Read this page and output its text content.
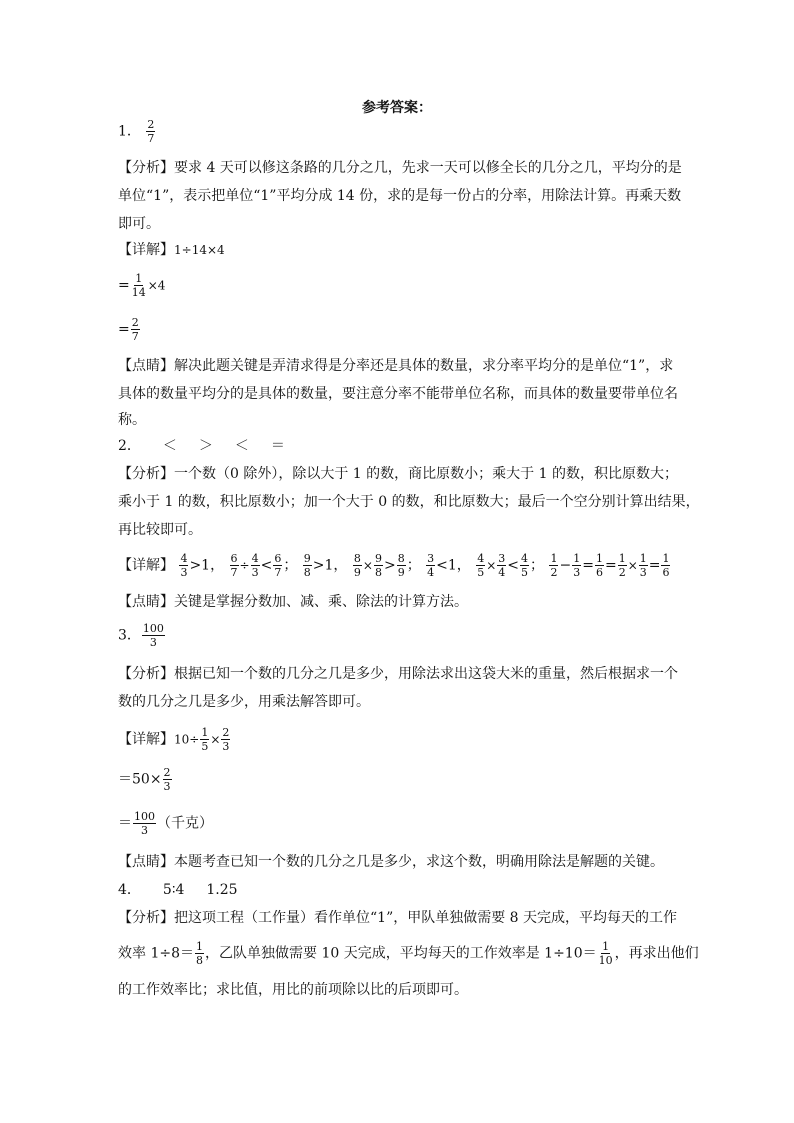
参考答案：
1． $\frac{2}{7}$
【分析】要求 4 天可以修这条路的几分之几，先求一天可以修全长的几分之几，平均分的是
单位“1”，表示把单位“1”平均分成 14 份，求的是每一份占的分率，用除法计算。再乘天数
即可。
【详解】1÷14×4
= $\frac{1}{14} \times 4$
= $\frac{2}{7}$
【点睛】解决此题关键是弄清求得是分率还是具体的数量，求分率平均分的是单位“1”，求
具体的数量平均分的是具体的数量，要注意分率不能带单位名称，而具体的数量要带单位名
称。
2． ＜ ＞ ＜ ＝
【分析】一个数（0 除外），除以大于 1 的数，商比原数小；乘大于 1 的数，积比原数大；
乘小于 1 的数，积比原数小；加一个大于 0 的数，和比原数大；最后一个空分别计算出结果，
再比较即可。
【详解】 $\frac{4}{3} >1$， $\frac{6}{7} \div \frac{4}{3} < \frac{6}{7}$ ； $\frac{9}{8} >1$， $\frac{8}{9} \times \frac{9}{8} > \frac{8}{9}$ ； $\frac{3}{4} <1$， $\frac{4}{5} \times \frac{3}{4} < \frac{4}{5}$ ； $\frac{1}{2} - \frac{1}{3} = \frac{1}{6} = \frac{1}{2} \times \frac{1}{3} = \frac{1}{6}$
【点睛】关键是掌握分数加、减、乘、除法的计算方法。
3． $\frac{100}{3}$
【分析】根据已知一个数的几分之几是多少，用除法求出这袋大米的重量，然后根据求一个
数的几分之几是多少，用乘法解答即可。
【详解】$10\div \frac{1}{5} \times \frac{2}{3}$
$=50\times \frac{2}{3}$
＝ $\frac{100}{3}$ （千克）
【点睛】本题考查已知一个数的几分之几是多少，求这个数，明确用除法是解题的关键。
4． 5∶4 1.25
【分析】把这项工程（工作量）看作单位“1”，甲队单独做需要 8 天完成，平均每天的工作
效率 $1\div 8= \frac{1}{8}$ ，乙队单独做需要 10 天完成，平均每天的工作效率是 $1\div 10= \frac{1}{10}$ ，再求出他们
的工作效率比；求比值，用比的前项除以比的后项即可。
